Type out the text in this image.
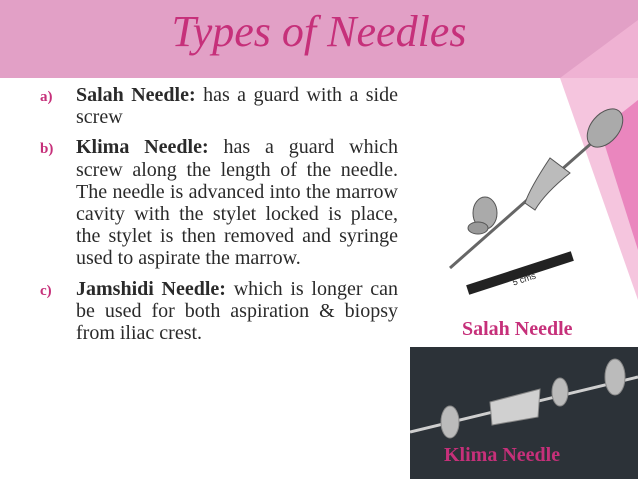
Types of Needles
a) Salah Needle: has a guard with a side screw
b) Klima Needle: has a guard which screw along the length of the needle. The needle is advanced into the marrow cavity with the stylet locked is place, the stylet is then removed and syringe used to aspirate the marrow.
c) Jamshidi Needle: which is longer can be used for both aspiration & biopsy from iliac crest.
5 cms
Salah Needle
Klima Needle
